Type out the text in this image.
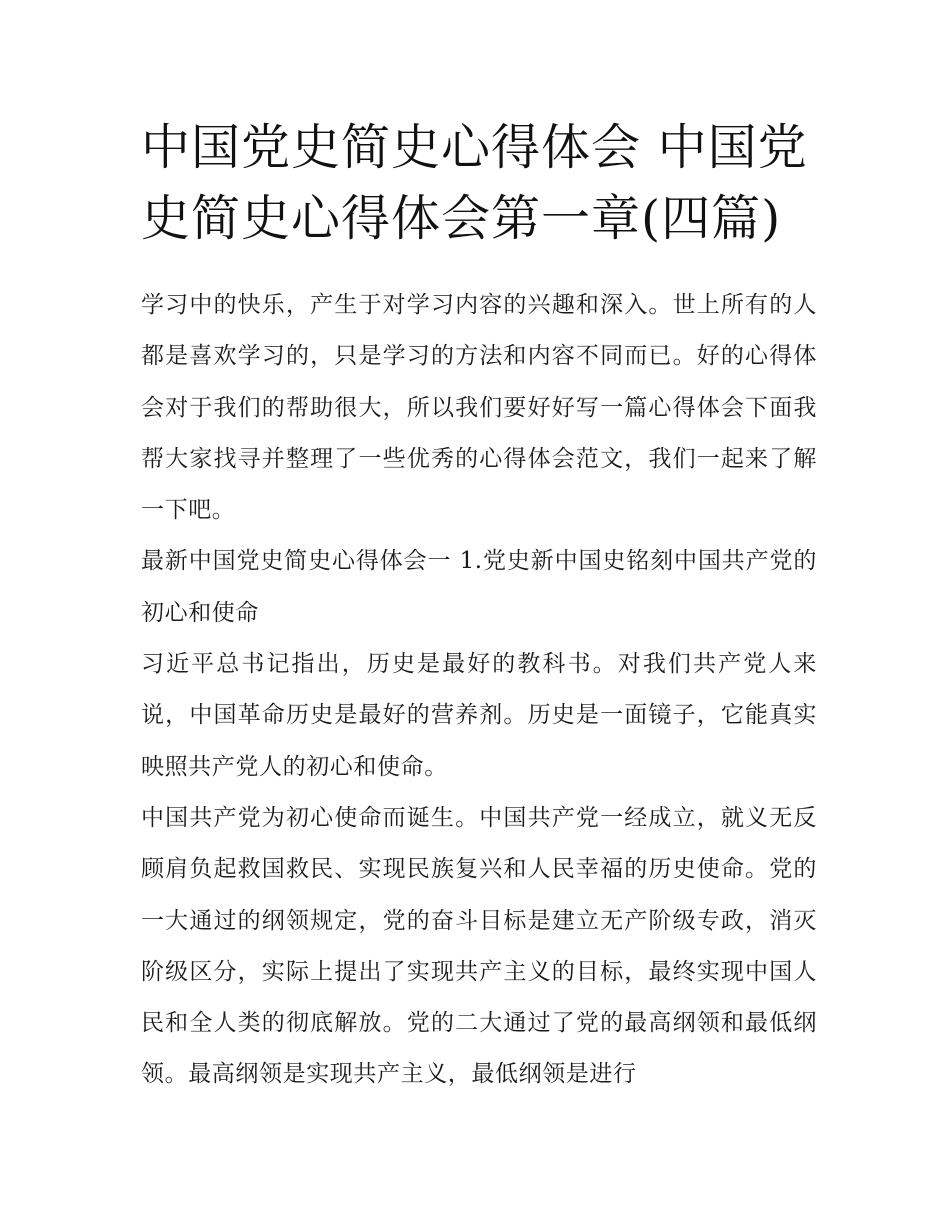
中国党史简史心得体会 中国党史简史心得体会第一章(四篇)

学习中的快乐，产生于对学习内容的兴趣和深入。世上所有的人都是喜欢学习的，只是学习的方法和内容不同而已。好的心得体会对于我们的帮助很大，所以我们要好好写一篇心得体会下面我帮大家找寻并整理了一些优秀的心得体会范文，我们一起来了解一下吧。

最新中国党史简史心得体会一 1.党史新中国史铭刻中国共产党的初心和使命

习近平总书记指出，历史是最好的教科书。对我们共产党人来说，中国革命历史是最好的营养剂。历史是一面镜子，它能真实映照共产党人的初心和使命。

中国共产党为初心使命而诞生。中国共产党一经成立，就义无反顾肩负起救国救民、实现民族复兴和人民幸福的历史使命。党的一大通过的纲领规定，党的奋斗目标是建立无产阶级专政，消灭阶级区分，实际上提出了实现共产主义的目标，最终实现中国人民和全人类的彻底解放。党的二大通过了党的最高纲领和最低纲领。最高纲领是实现共产主义，最低纲领是进行
